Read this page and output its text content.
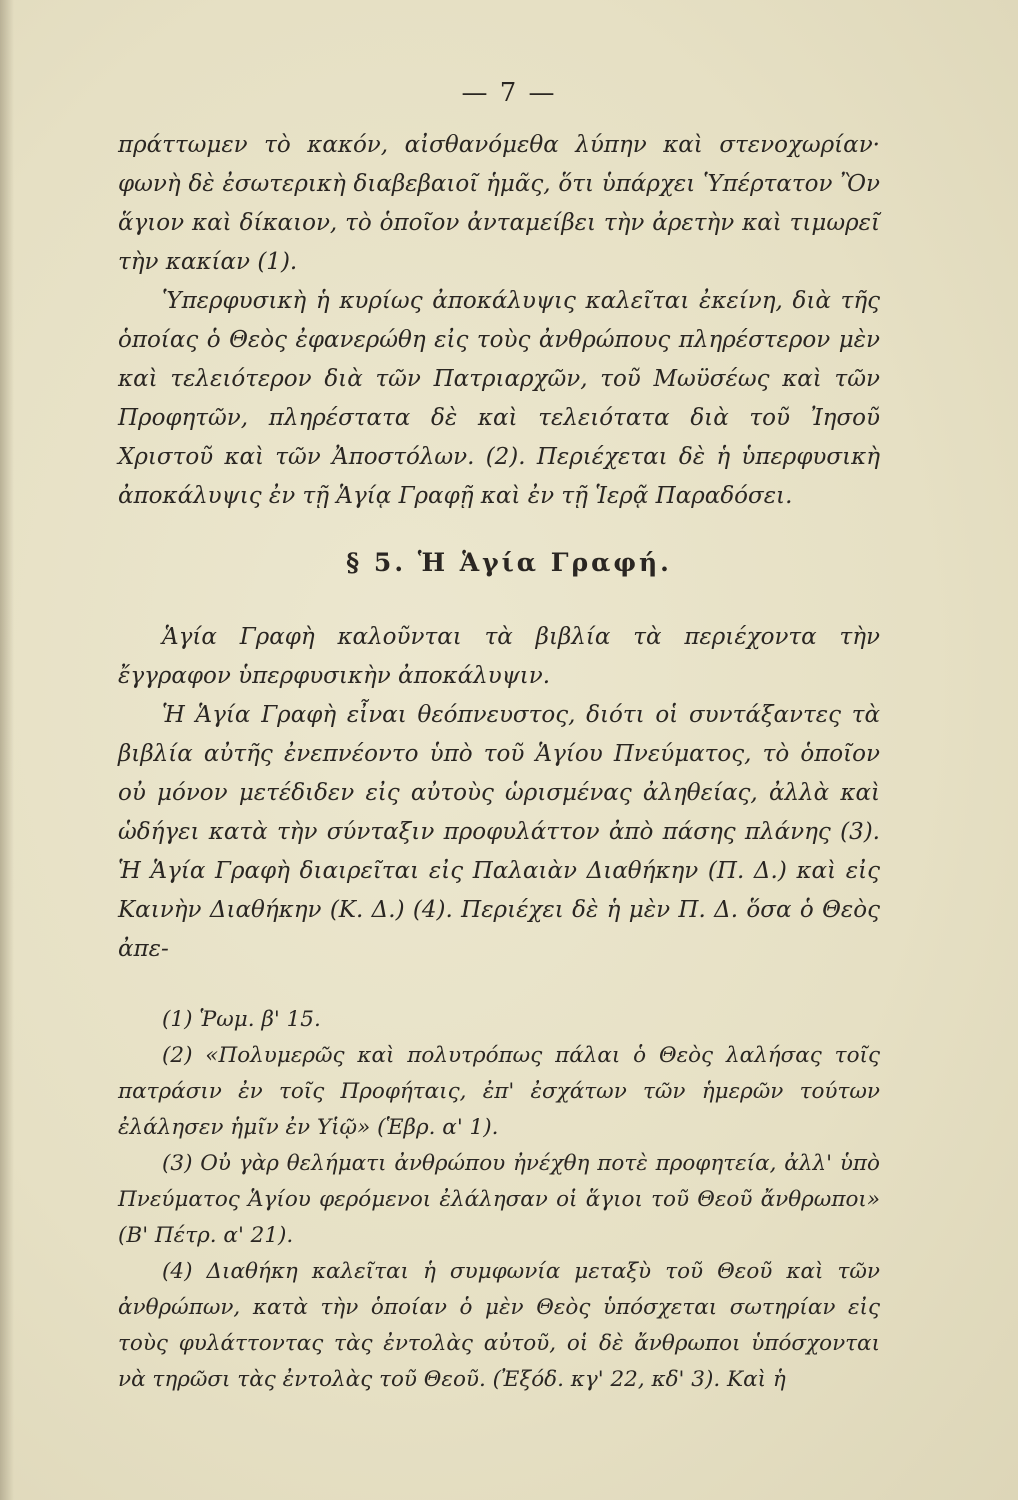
— 7 —

πράττωμεν τὸ κακόν, αἰσθανόμεθα λύπην καὶ στενοχωρίαν· φωνὴ δὲ ἐσωτερικὴ διαβεβαιοῖ ἡμᾶς, ὅτι ὑπάρχει Ὑπέρτατον Ὂν ἅγιον καὶ δίκαιον, τὸ ὁποῖον ἀνταμείβει τὴν ἀρετὴν καὶ τιμωρεῖ τὴν κακίαν (1).

Ὑπερφυσικὴ ἡ κυρίως ἀποκάλυψις καλεῖται ἐκείνη, διὰ τῆς ὁποίας ὁ Θεὸς ἐφανερώθη εἰς τοὺς ἀνθρώπους πληρέστερον μὲν καὶ τελειότερον διὰ τῶν Πατριαρχῶν, τοῦ Μωϋσέως καὶ τῶν Προφητῶν, πληρέστατα δὲ καὶ τελειότατα διὰ τοῦ Ἰησοῦ Χριστοῦ καὶ τῶν Ἀποστόλων. (2). Περιέχεται δὲ ἡ ὑπερφυσικὴ ἀποκάλυψις ἐν τῇ Ἁγίᾳ Γραφῇ καὶ ἐν τῇ Ἱερᾷ Παραδόσει.

§ 5. Ἡ Ἁγία Γραφή.

Ἁγία Γραφὴ καλοῦνται τὰ βιβλία τὰ περιέχοντα τὴν ἔγγραφον ὑπερφυσικὴν ἀποκάλυψιν.

Ἡ Ἁγία Γραφὴ εἶναι θεόπνευστος, διότι οἱ συντάξαντες τὰ βιβλία αὐτῆς ἐνεπνέοντο ὑπὸ τοῦ Ἁγίου Πνεύματος, τὸ ὁποῖον οὐ μόνον μετέδιδεν εἰς αὐτοὺς ὡρισμένας ἀληθείας, ἀλλὰ καὶ ὡδήγει κατὰ τὴν σύνταξιν προφυλάττον ἀπὸ πάσης πλάνης (3). Ἡ Ἁγία Γραφὴ διαιρεῖται εἰς Παλαιὰν Διαθήκην (Π. Δ.) καὶ εἰς Καινὴν Διαθήκην (Κ. Δ.) (4). Περιέχει δὲ ἡ μὲν Π. Δ. ὅσα ὁ Θεὸς ἀπε-

(1) Ῥωμ. β' 15.

(2) «Πολυμερῶς καὶ πολυτρόπως πάλαι ὁ Θεὸς λαλήσας τοῖς πατράσιν ἐν τοῖς Προφήταις, ἐπ' ἐσχάτων τῶν ἡμερῶν τούτων ἐλάλησεν ἡμῖν ἐν Υἱῷ» (Ἑβρ. α' 1).

(3) Οὐ γὰρ θελήματι ἀνθρώπου ἠνέχθη ποτὲ προφητεία, ἀλλ' ὑπὸ Πνεύματος Ἁγίου φερόμενοι ἐλάλησαν οἱ ἅγιοι τοῦ Θεοῦ ἄνθρωποι» (Β' Πέτρ. α' 21).

(4) Διαθήκη καλεῖται ἡ συμφωνία μεταξὺ τοῦ Θεοῦ καὶ τῶν ἀνθρώπων, κατὰ τὴν ὁποίαν ὁ μὲν Θεὸς ὑπόσχεται σωτηρίαν εἰς τοὺς φυλάττοντας τὰς ἐντολὰς αὐτοῦ, οἱ δὲ ἄνθρωποι ὑπόσχονται νὰ τηρῶσι τὰς ἐντολὰς τοῦ Θεοῦ. (Ἐξόδ. κγ' 22, κδ' 3). Καὶ ἡ
